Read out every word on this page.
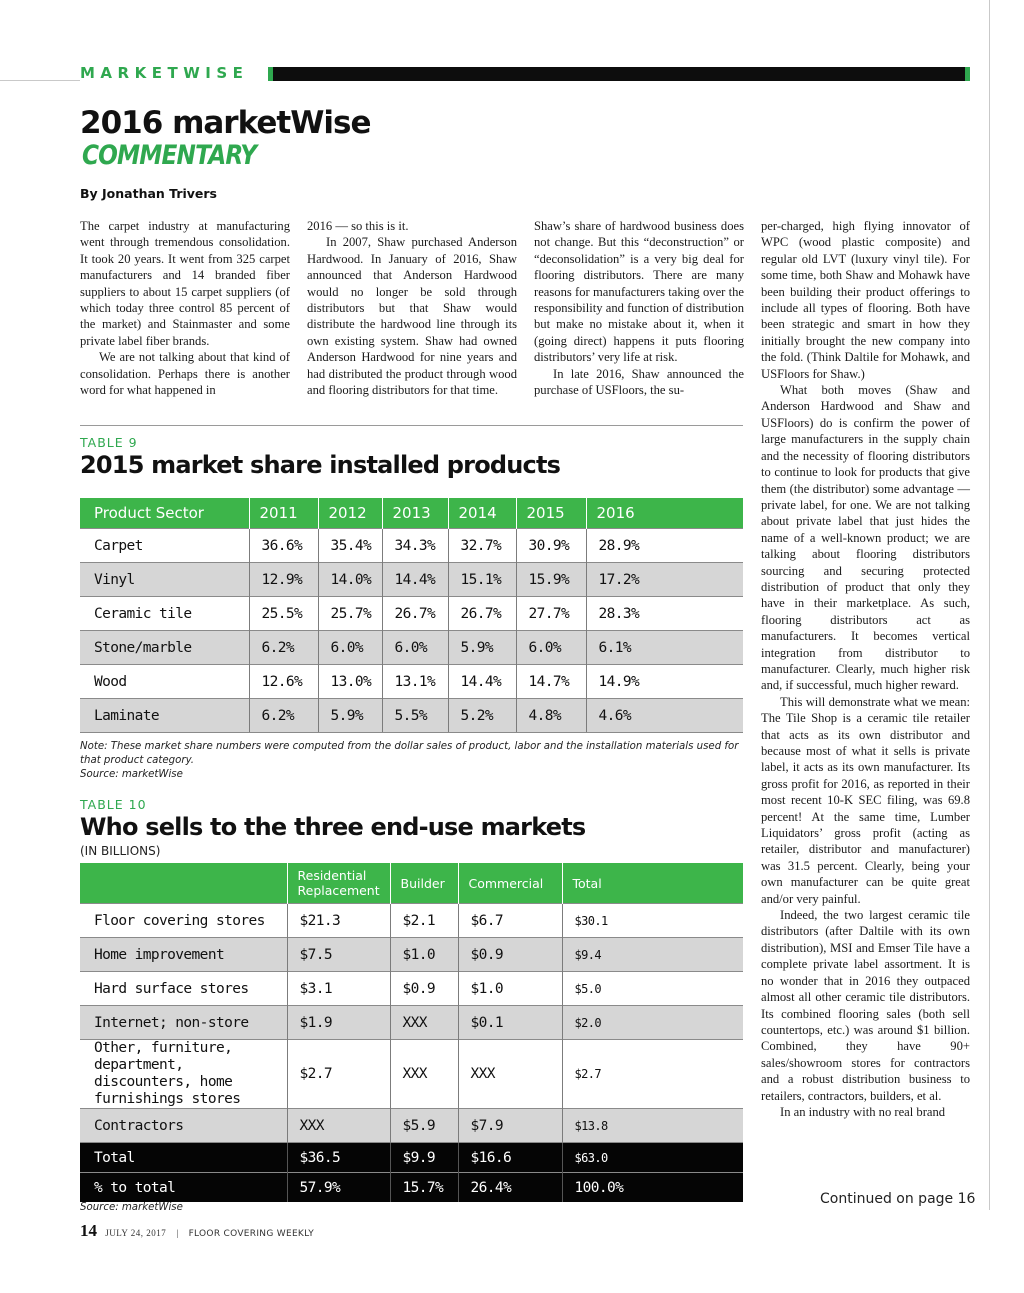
MARKETWISE
2016 marketWise
COMMENTARY
By Jonathan Trivers

The carpet industry at manufacturing went through tremendous consolidation. It took 20 years. It went from 325 carpet manufacturers and 14 branded fiber suppliers to about 15 carpet suppliers (of which today three control 85 percent of the market) and Stainmaster and some private label fiber brands.

We are not talking about that kind of consolidation. Perhaps there is another word for what happened in

2016 — so this is it.

In 2007, Shaw purchased Anderson Hardwood. In January of 2016, Shaw announced that Anderson Hardwood would no longer be sold through distributors but that Shaw would distribute the hardwood line through its own existing system. Shaw had owned Anderson Hardwood for nine years and had distributed the product through wood and flooring distributors for that time.

Shaw’s share of hardwood business does not change. But this “deconstruction” or “deconsolidation” is a very big deal for flooring distributors. There are many reasons for manufacturers taking over the responsibility and function of distribution but make no mistake about it, when it (going direct) happens it puts flooring distributors’ very life at risk.

In late 2016, Shaw announced the purchase of USFloors, the su-

per-charged, high flying innovator of WPC (wood plastic composite) and regular old LVT (luxury vinyl tile). For some time, both Shaw and Mohawk have been building their product offerings to include all types of flooring. Both have been strategic and smart in how they initially brought the new company into the fold. (Think Daltile for Mohawk, and USFloors for Shaw.)

What both moves (Shaw and Anderson Hardwood and Shaw and USFloors) do is confirm the power of large manufacturers in the supply chain and the necessity of flooring distributors to continue to look for products that give them (the distributor) some advantage — private label, for one. We are not talking about private label that just hides the name of a well-known product; we are talking about flooring distributors sourcing and securing protected distribution of product that only they have in their marketplace. As such, flooring distributors act as manufacturers. It becomes vertical integration from distributor to manufacturer. Clearly, much higher risk and, if successful, much higher reward.

This will demonstrate what we mean: The Tile Shop is a ceramic tile retailer that acts as its own distributor and because most of what it sells is private label, it acts as its own manufacturer. Its gross profit for 2016, as reported in their most recent 10-K SEC filing, was 69.8 percent! At the same time, Lumber Liquidators’ gross profit (acting as retailer, distributor and manufacturer) was 31.5 percent. Clearly, being your own manufacturer can be quite great and/or very painful.

Indeed, the two largest ceramic tile distributors (after Daltile with its own distribution), MSI and Emser Tile have a complete private label assortment. It is no wonder that in 2016 they outpaced almost all other ceramic tile distributors. Its combined flooring sales (both sell countertops, etc.) was around $1 billion. Combined, they have 90+ sales/showroom stores for contractors and a robust distribution business to retailers, contractors, builders, et al.

In an industry with no real brand

TABLE 9
2015 market share installed products
Product Sector	2011	2012	2013	2014	2015	2016
Carpet	36.6%	35.4%	34.3%	32.7%	30.9%	28.9%
Vinyl	12.9%	14.0%	14.4%	15.1%	15.9%	17.2%
Ceramic tile	25.5%	25.7%	26.7%	26.7%	27.7%	28.3%
Stone/marble	6.2%	6.0%	6.0%	5.9%	6.0%	6.1%
Wood	12.6%	13.0%	13.1%	14.4%	14.7%	14.9%
Laminate	6.2%	5.9%	5.5%	5.2%	4.8%	4.6%
Note: These market share numbers were computed from the dollar sales of product, labor and the installation materials used for that product category.
Source: marketWise
TABLE 10
Who sells to the three end-use markets
(IN BILLIONS)
	Residential Replacement	Builder	Commercial	Total
Floor covering stores	$21.3	$2.1	$6.7	$30.1
Home improvement	$7.5	$1.0	$0.9	$9.4
Hard surface stores	$3.1	$0.9	$1.0	$5.0
Internet; non-store	$1.9	XXX	$0.1	$2.0
Other, furniture, department, discounters, home furnishings stores	$2.7	XXX	XXX	$2.7
Contractors	XXX	$5.9	$7.9	$13.8
Total	$36.5	$9.9	$16.6	$63.0
% to total	57.9%	15.7%	26.4%	100.0%
Source: marketWise
Continued on page 16
14 JULY 24, 2017 | FLOOR COVERING WEEKLY
